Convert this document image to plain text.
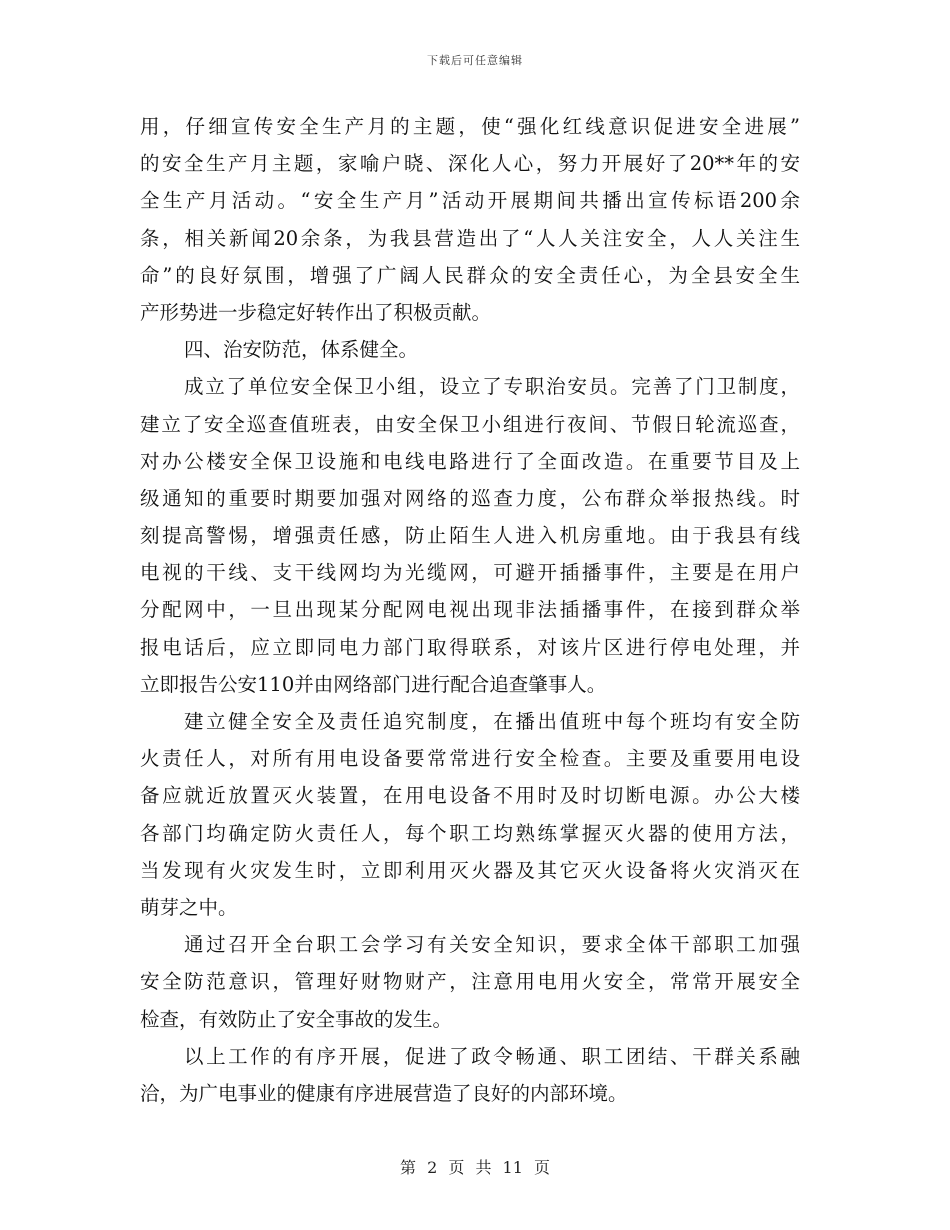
下载后可任意编辑
用，仔细宣传安全生产月的主题，使“强化红线意识促进安全进展”
的安全生产月主题，家喻户晓、深化人心，努力开展好了20**年的安
全生产月活动。“安全生产月”活动开展期间共播出宣传标语200余
条，相关新闻20余条，为我县营造出了“人人关注安全，人人关注生
命”的良好氛围，增强了广阔人民群众的安全责任心，为全县安全生
产形势进一步稳定好转作出了积极贡献。
四、治安防范，体系健全。
成立了单位安全保卫小组，设立了专职治安员。完善了门卫制度，
建立了安全巡查值班表，由安全保卫小组进行夜间、节假日轮流巡查，
对办公楼安全保卫设施和电线电路进行了全面改造。在重要节目及上
级通知的重要时期要加强对网络的巡查力度，公布群众举报热线。时
刻提高警惕，增强责任感，防止陌生人进入机房重地。由于我县有线
电视的干线、支干线网均为光缆网，可避开插播事件，主要是在用户
分配网中，一旦出现某分配网电视出现非法插播事件，在接到群众举
报电话后，应立即同电力部门取得联系，对该片区进行停电处理，并
立即报告公安110并由网络部门进行配合追查肇事人。
建立健全安全及责任追究制度，在播出值班中每个班均有安全防
火责任人，对所有用电设备要常常进行安全检查。主要及重要用电设
备应就近放置灭火装置，在用电设备不用时及时切断电源。办公大楼
各部门均确定防火责任人，每个职工均熟练掌握灭火器的使用方法，
当发现有火灾发生时，立即利用灭火器及其它灭火设备将火灾消灭在
萌芽之中。
通过召开全台职工会学习有关安全知识，要求全体干部职工加强
安全防范意识，管理好财物财产，注意用电用火安全，常常开展安全
检查，有效防止了安全事故的发生。
以上工作的有序开展，促进了政令畅通、职工团结、干群关系融
洽，为广电事业的健康有序进展营造了良好的内部环境。
第 2 页 共 11 页
